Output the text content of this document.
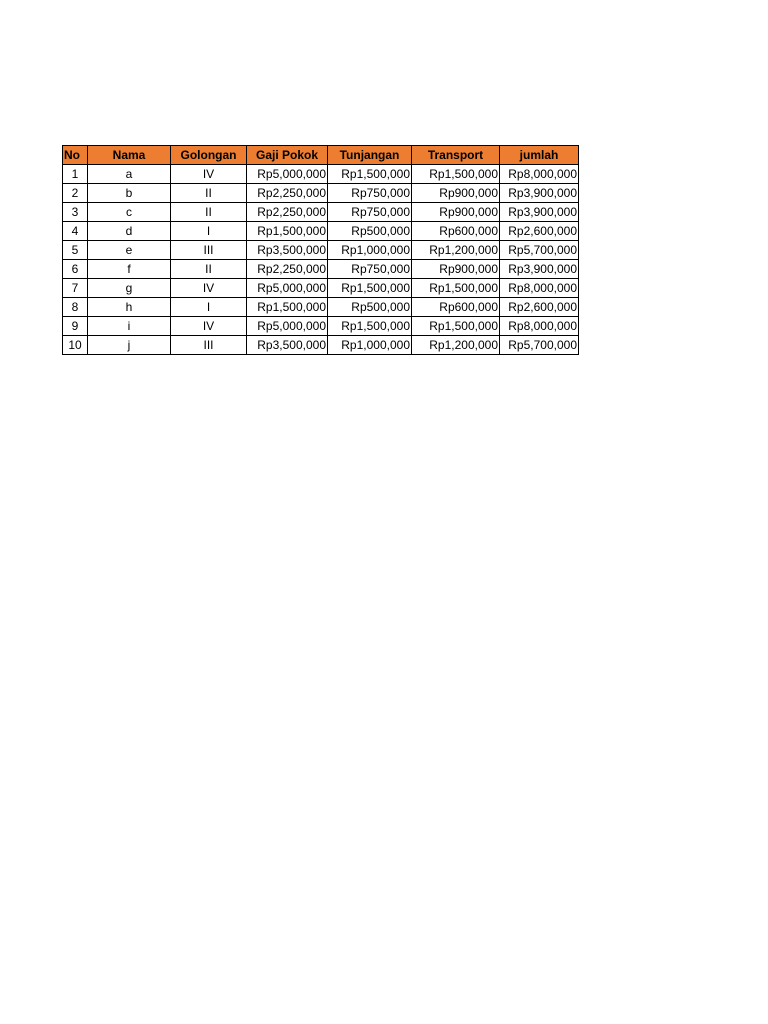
No	Nama	Golongan	Gaji Pokok	Tunjangan	Transport	jumlah
1	a	IV	Rp5,000,000	Rp1,500,000	Rp1,500,000	Rp8,000,000
2	b	II	Rp2,250,000	Rp750,000	Rp900,000	Rp3,900,000
3	c	II	Rp2,250,000	Rp750,000	Rp900,000	Rp3,900,000
4	d	I	Rp1,500,000	Rp500,000	Rp600,000	Rp2,600,000
5	e	III	Rp3,500,000	Rp1,000,000	Rp1,200,000	Rp5,700,000
6	f	II	Rp2,250,000	Rp750,000	Rp900,000	Rp3,900,000
7	g	IV	Rp5,000,000	Rp1,500,000	Rp1,500,000	Rp8,000,000
8	h	I	Rp1,500,000	Rp500,000	Rp600,000	Rp2,600,000
9	i	IV	Rp5,000,000	Rp1,500,000	Rp1,500,000	Rp8,000,000
10	j	III	Rp3,500,000	Rp1,000,000	Rp1,200,000	Rp5,700,000
